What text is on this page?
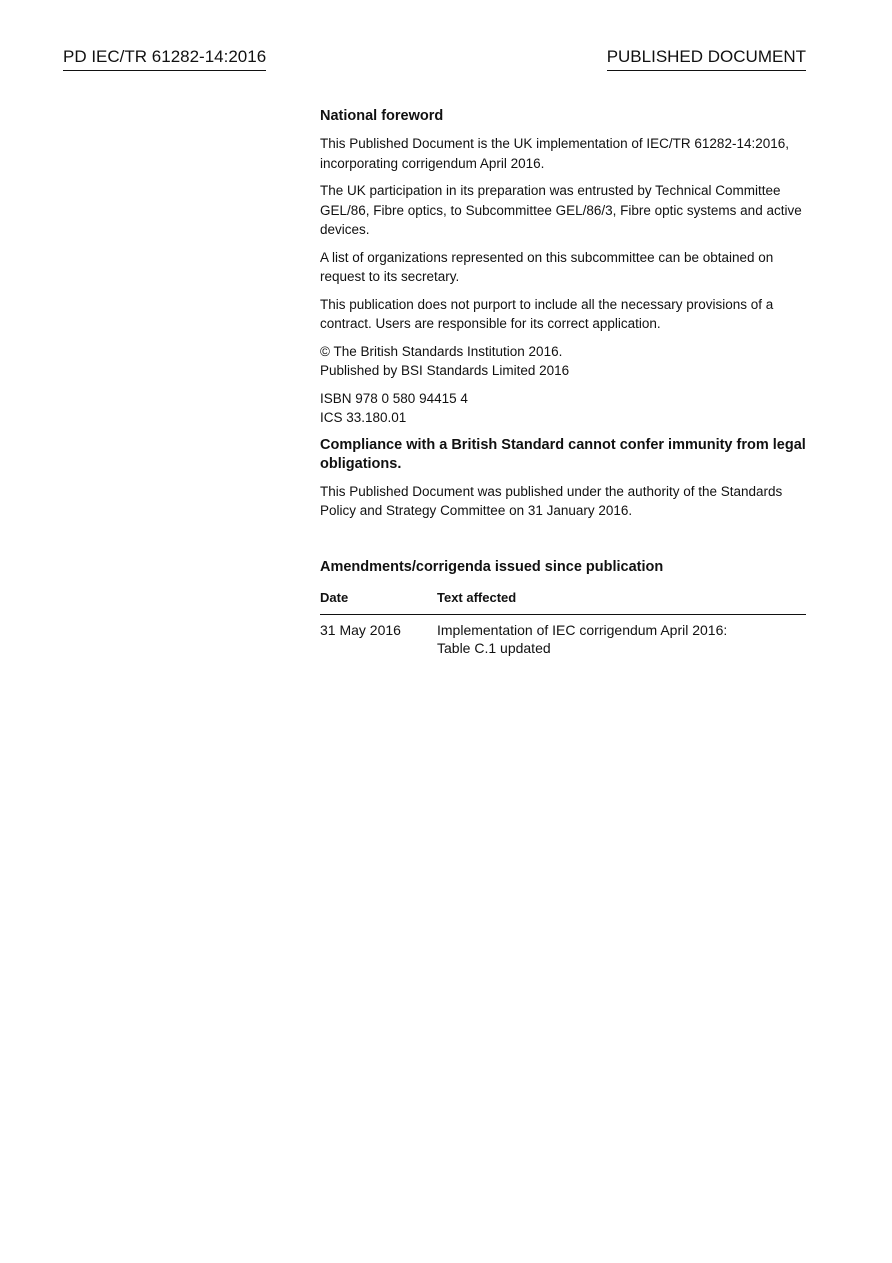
PD IEC/TR 61282-14:2016	PUBLISHED DOCUMENT
National foreword

This Published Document is the UK implementation of IEC/TR 61282-14:2016, incorporating corrigendum April 2016.

The UK participation in its preparation was entrusted by Technical Committee GEL/86, Fibre optics, to Subcommittee GEL/86/3, Fibre optic systems and active devices.

A list of organizations represented on this subcommittee can be obtained on request to its secretary.

This publication does not purport to include all the necessary provisions of a contract. Users are responsible for its correct application.

© The British Standards Institution 2016.
Published by BSI Standards Limited 2016

ISBN 978 0 580 94415 4
ICS 33.180.01

Compliance with a British Standard cannot confer immunity from legal obligations.

This Published Document was published under the authority of the Standards Policy and Strategy Committee on 31 January 2016.

Amendments/corrigenda issued since publication
Date	Text affected
31 May 2016	Implementation of IEC corrigendum April 2016:
Table C.1 updated
